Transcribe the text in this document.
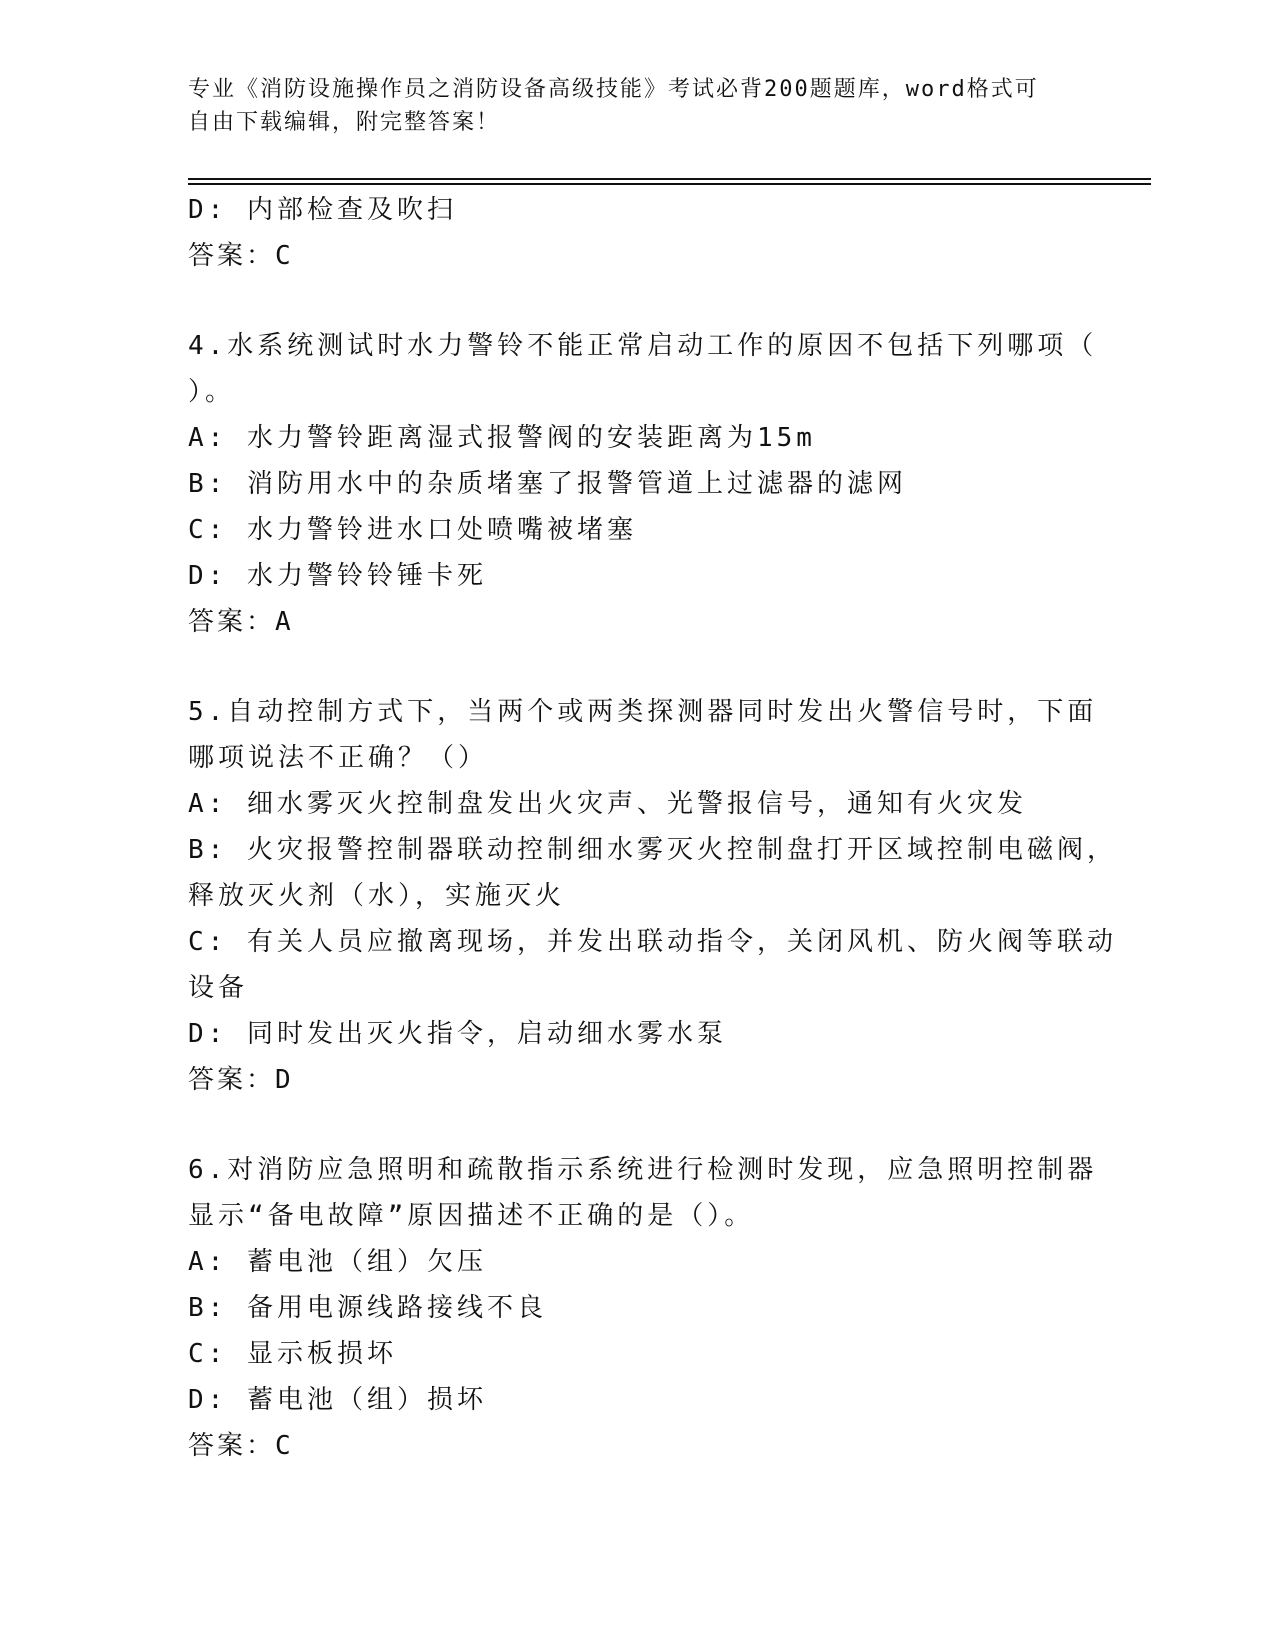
专业《消防设施操作员之消防设备高级技能》考试必背200题题库，word格式可
自由下载编辑，附完整答案！
D: 内部检查及吹扫
答案：C
4.水系统测试时水力警铃不能正常启动工作的原因不包括下列哪项（
）。
A: 水力警铃距离湿式报警阀的安装距离为15m
B: 消防用水中的杂质堵塞了报警管道上过滤器的滤网
C: 水力警铃进水口处喷嘴被堵塞
D: 水力警铃铃锤卡死
答案：A
5.自动控制方式下，当两个或两类探测器同时发出火警信号时，下面
哪项说法不正确？（）
A: 细水雾灭火控制盘发出火灾声、光警报信号，通知有火灾发
B: 火灾报警控制器联动控制细水雾灭火控制盘打开区域控制电磁阀，
释放灭火剂（水），实施灭火
C: 有关人员应撤离现场，并发出联动指令，关闭风机、防火阀等联动
设备
D: 同时发出灭火指令，启动细水雾水泵
答案：D
6.对消防应急照明和疏散指示系统进行检测时发现，应急照明控制器
显示“备电故障”原因描述不正确的是（）。
A: 蓄电池（组）欠压
B: 备用电源线路接线不良
C: 显示板损坏
D: 蓄电池（组）损坏
答案：C
